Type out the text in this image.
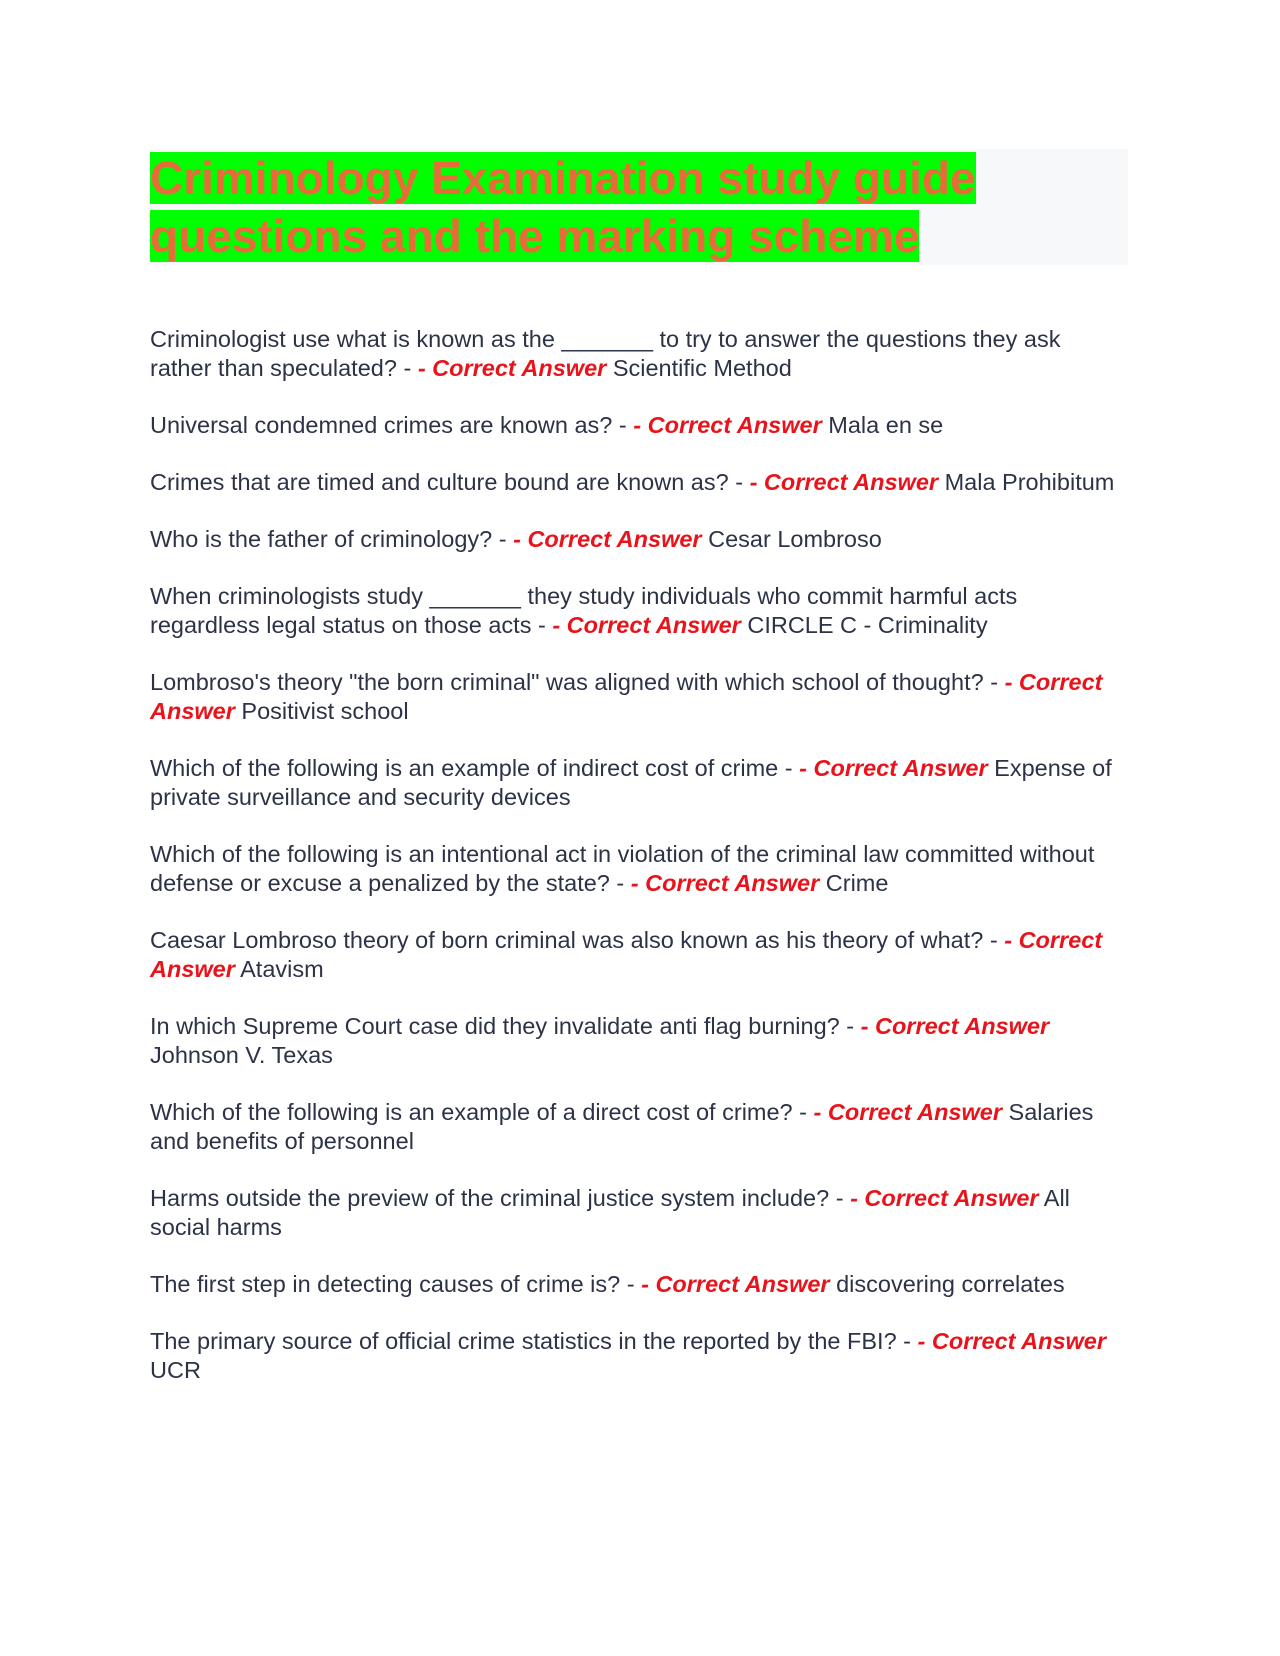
Criminology Examination study guide questions and the marking scheme

Criminologist use what is known as the _______ to try to answer the questions they ask rather than speculated? - - Correct Answer Scientific Method

Universal condemned crimes are known as? - - Correct Answer Mala en se

Crimes that are timed and culture bound are known as? - - Correct Answer Mala Prohibitum

Who is the father of criminology? - - Correct Answer Cesar Lombroso

When criminologists study _______ they study individuals who commit harmful acts regardless legal status on those acts - - Correct Answer CIRCLE C - Criminality

Lombroso's theory "the born criminal" was aligned with which school of thought? - - Correct Answer Positivist school

Which of the following is an example of indirect cost of crime - - Correct Answer Expense of private surveillance and security devices

Which of the following is an intentional act in violation of the criminal law committed without defense or excuse a penalized by the state? - - Correct Answer Crime

Caesar Lombroso theory of born criminal was also known as his theory of what? - - Correct Answer Atavism

In which Supreme Court case did they invalidate anti flag burning? - - Correct Answer Johnson V. Texas

Which of the following is an example of a direct cost of crime? - - Correct Answer Salaries and benefits of personnel

Harms outside the preview of the criminal justice system include? - - Correct Answer All social harms

The first step in detecting causes of crime is? - - Correct Answer discovering correlates

The primary source of official crime statistics in the reported by the FBI? - - Correct Answer UCR
